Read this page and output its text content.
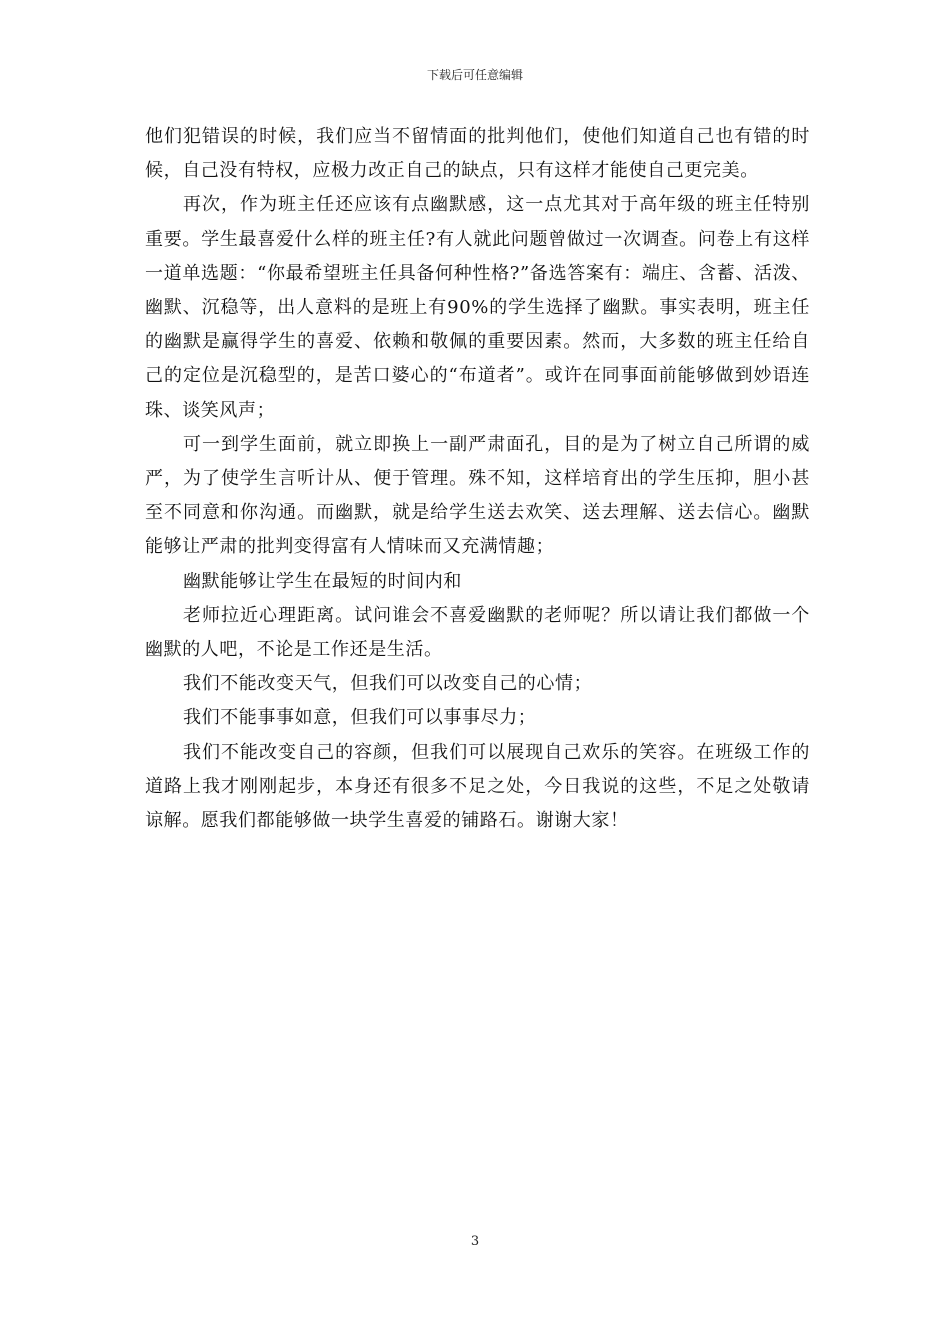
下载后可任意编辑

他们犯错误的时候，我们应当不留情面的批判他们，使他们知道自己也有错的时候，自己没有特权，应极力改正自己的缺点，只有这样才能使自己更完美。

再次，作为班主任还应该有点幽默感，这一点尤其对于高年级的班主任特别重要。学生最喜爱什么样的班主任?有人就此问题曾做过一次调查。问卷上有这样一道单选题：“你最希望班主任具备何种性格?”备选答案有：端庄、含蓄、活泼、幽默、沉稳等，出人意料的是班上有90%的学生选择了幽默。事实表明，班主任的幽默是赢得学生的喜爱、依赖和敬佩的重要因素。然而，大多数的班主任给自己的定位是沉稳型的，是苦口婆心的“布道者”。或许在同事面前能够做到妙语连珠、谈笑风声；

可一到学生面前，就立即换上一副严肃面孔，目的是为了树立自己所谓的威严，为了使学生言听计从、便于管理。殊不知，这样培育出的学生压抑，胆小甚至不同意和你沟通。而幽默，就是给学生送去欢笑、送去理解、送去信心。幽默能够让严肃的批判变得富有人情味而又充满情趣；

幽默能够让学生在最短的时间内和

老师拉近心理距离。试问谁会不喜爱幽默的老师呢？所以请让我们都做一个幽默的人吧，不论是工作还是生活。

我们不能改变天气，但我们可以改变自己的心情；

我们不能事事如意，但我们可以事事尽力；

我们不能改变自己的容颜，但我们可以展现自己欢乐的笑容。在班级工作的道路上我才刚刚起步，本身还有很多不足之处，今日我说的这些，不足之处敬请谅解。愿我们都能够做一块学生喜爱的铺路石。谢谢大家！

3
